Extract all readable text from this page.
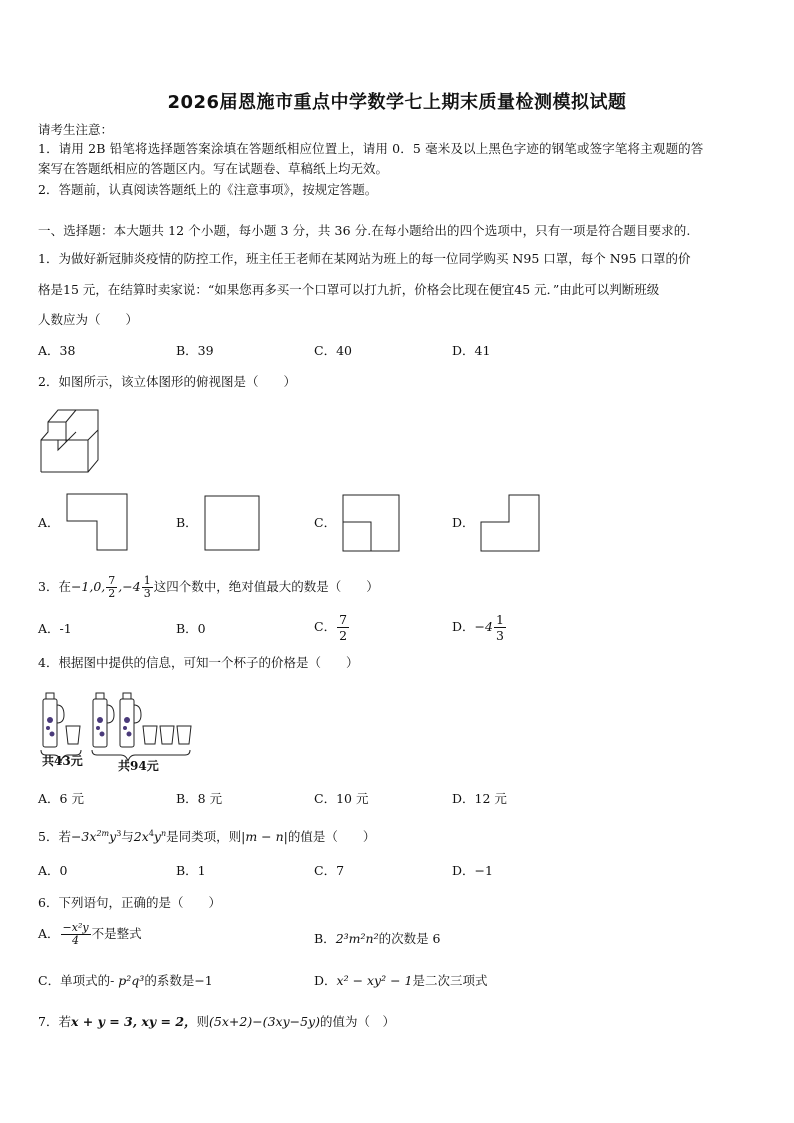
2026届恩施市重点中学数学七上期末质量检测模拟试题
请考生注意：
1．请用 2B 铅笔将选择题答案涂填在答题纸相应位置上，请用 0．5 毫米及以上黑色字迹的钢笔或签字笔将主观题的答
案写在答题纸相应的答题区内。写在试题卷、草稿纸上均无效。
2．答题前，认真阅读答题纸上的《注意事项》，按规定答题。
一、选择题：本大题共 12 个小题，每小题 3 分，共 36 分.在每小题给出的四个选项中，只有一项是符合题目要求的.
1．为做好新冠肺炎疫情的防控工作，班主任王老师在某网站为班上的每一位同学购买 N95 口罩，每个 N95 口罩的价
格是15 元，在结算时卖家说：“如果您再多买一个口罩可以打九折，价格会比现在便宜45 元．”由此可以判断班级
人数应为（　　）
A．38	B．39	C．40	D．41
2．如图所示，该立体图形的俯视图是（　　）
A．	B．	C．	D．
3．在−1,0, $\frac{7}{2} ,-4 \frac{1}{3}$ 这四个数中，绝对值最大的数是（　　）
A．-1	B．0	C． $\frac{7}{2}$	D．$-4 \frac{1}{3}$
4．根据图中提供的信息，可知一个杯子的价格是（　　）
共43元	共94元
A．6 元	B．8 元	C．10 元	D．12 元
5．若$-3x^{2m}y^3$与$2x^4y^n$是同类项，则|m − n|的值是（　　）
A．0	B．1	C．7	D．−1
6．下列语句，正确的是（　　）
A． $\frac{\text{−x²y}}{4}$ 不是整式	B．2³m²n²的次数是 6
C．单项式的- p²q³的系数是−1	D．x² − xy² − 1是二次三项式
7．若x + y = 3, xy = 2，则(5x+2)−(3xy−5y)的值为（　）
